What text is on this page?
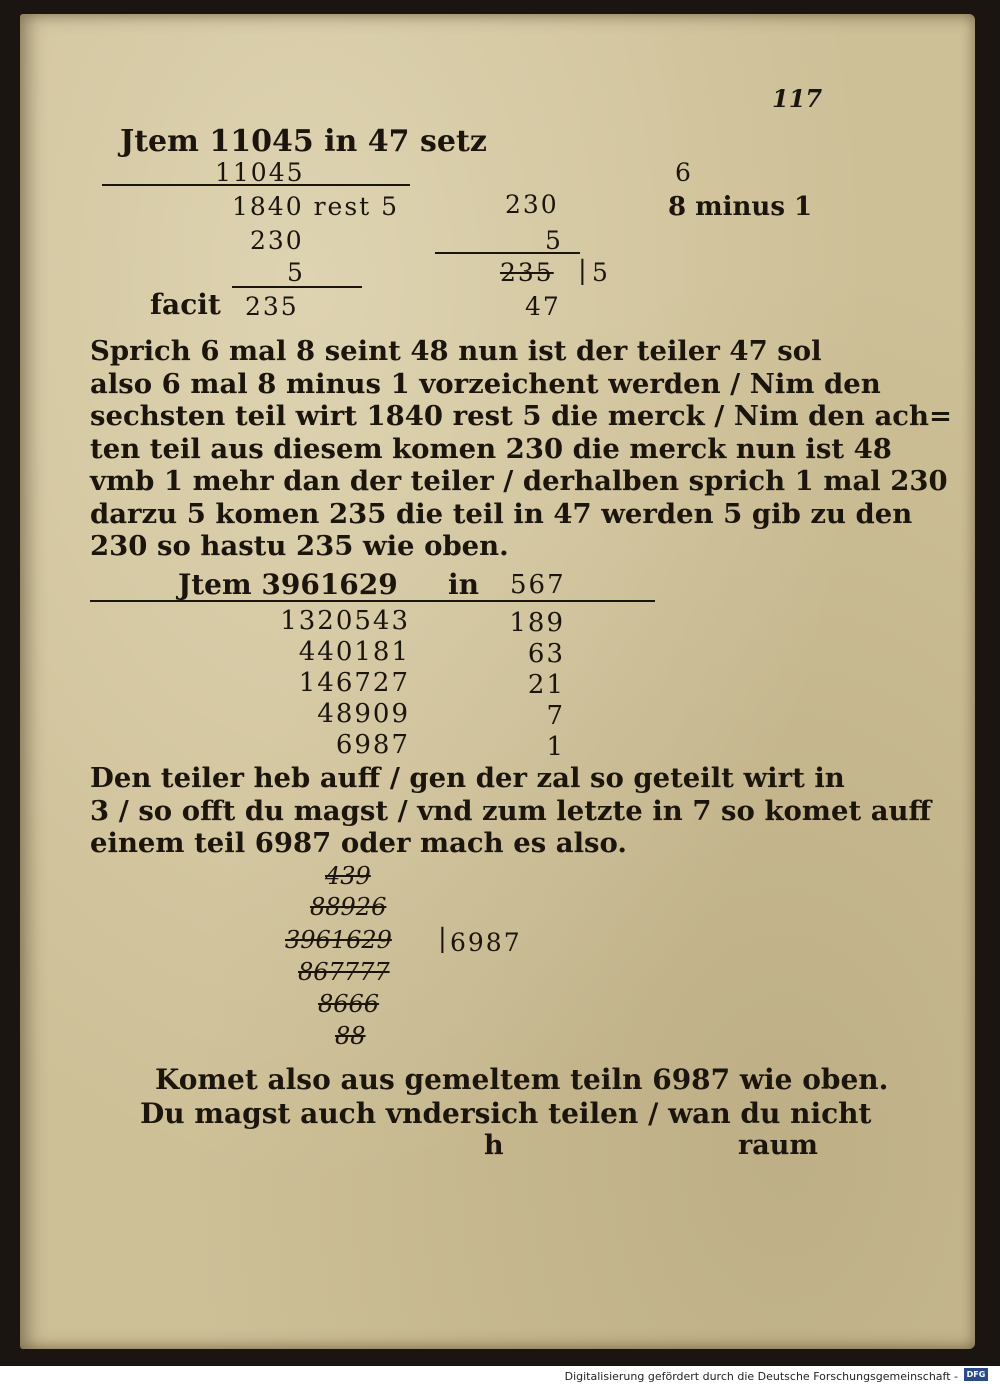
117
Jtem 11045 in 47 setz
11045
1840 rest 5
230
5
facit 235
230
5
235 | 5
47
6
8 minus 1
Sprich 6 mal 8 seint 48 nun ist der teiler 47 sol
also 6 mal 8 minus 1 vorzeichent werden / Nim den
sechsten teil wirt 1840 rest 5 die merck / Nim den ach=
ten teil aus diesem komen 230 die merck nun ist 48
vmb 1 mehr dan der teiler / derhalben sprich 1 mal 230
darzu 5 komen 235 die teil in 47 werden 5 gib zu den
230 so hastu 235 wie oben.
Jtem 3961629 in 567
1320543	189
440181	63
146727	21
48909	7
6987	1
Den teiler heb auff / gen der zal so geteilt wirt in
3 / so offt du magst / vnd zum letzte in 7 so komet auff
einem teil 6987 oder mach es also.
439
88926
3961629 | 6987
867777
8666
88
Komet also aus gemeltem teiln 6987 wie oben.
Du magst auch vndersich teilen / wan du nicht
h	raum
Digitalisierung gefördert durch die Deutsche Forschungsgemeinschaft -	DFG
